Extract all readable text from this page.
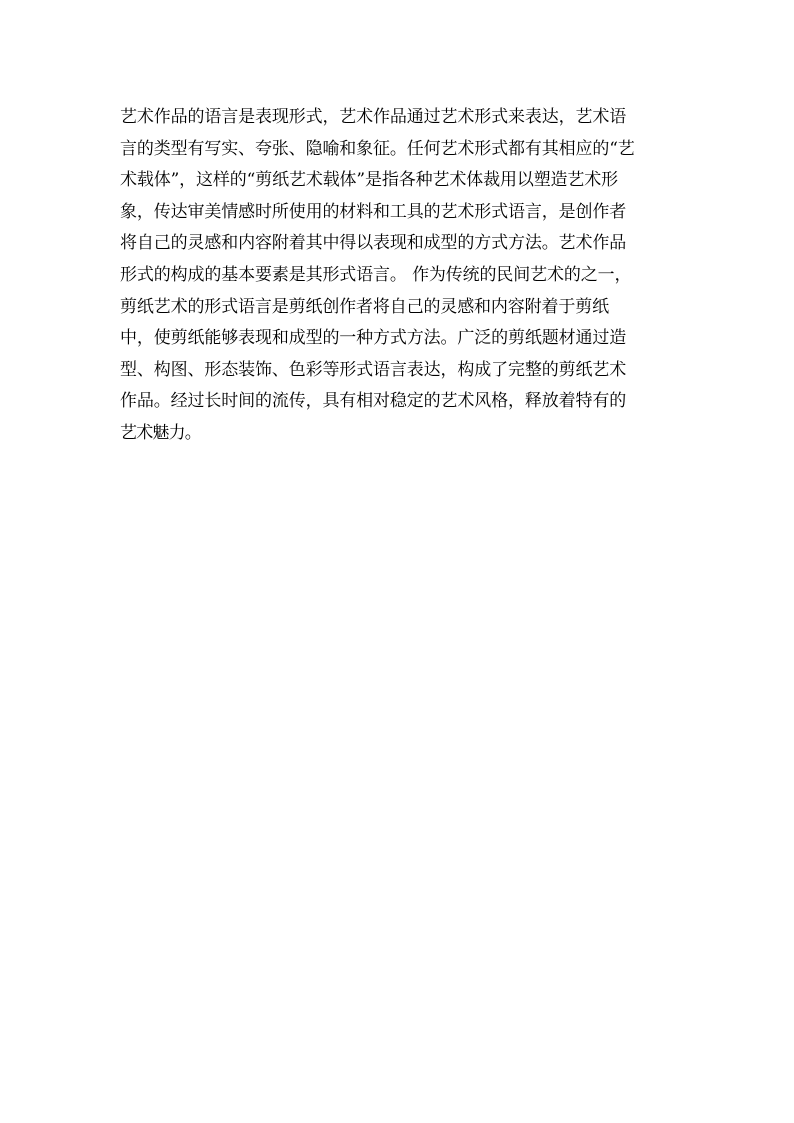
艺术作品的语言是表现形式，艺术作品通过艺术形式来表达，艺术语
言的类型有写实、夸张、隐喻和象征。任何艺术形式都有其相应的“艺
术载体”，这样的“剪纸艺术载体”是指各种艺术体裁用以塑造艺术形
象，传达审美情感时所使用的材料和工具的艺术形式语言，是创作者
将自己的灵感和内容附着其中得以表现和成型的方式方法。艺术作品
形式的构成的基本要素是其形式语言。 作为传统的民间艺术的之一，
剪纸艺术的形式语言是剪纸创作者将自己的灵感和内容附着于剪纸
中，使剪纸能够表现和成型的一种方式方法。广泛的剪纸题材通过造
型、构图、形态装饰、色彩等形式语言表达，构成了完整的剪纸艺术
作品。经过长时间的流传，具有相对稳定的艺术风格，释放着特有的
艺术魅力。
